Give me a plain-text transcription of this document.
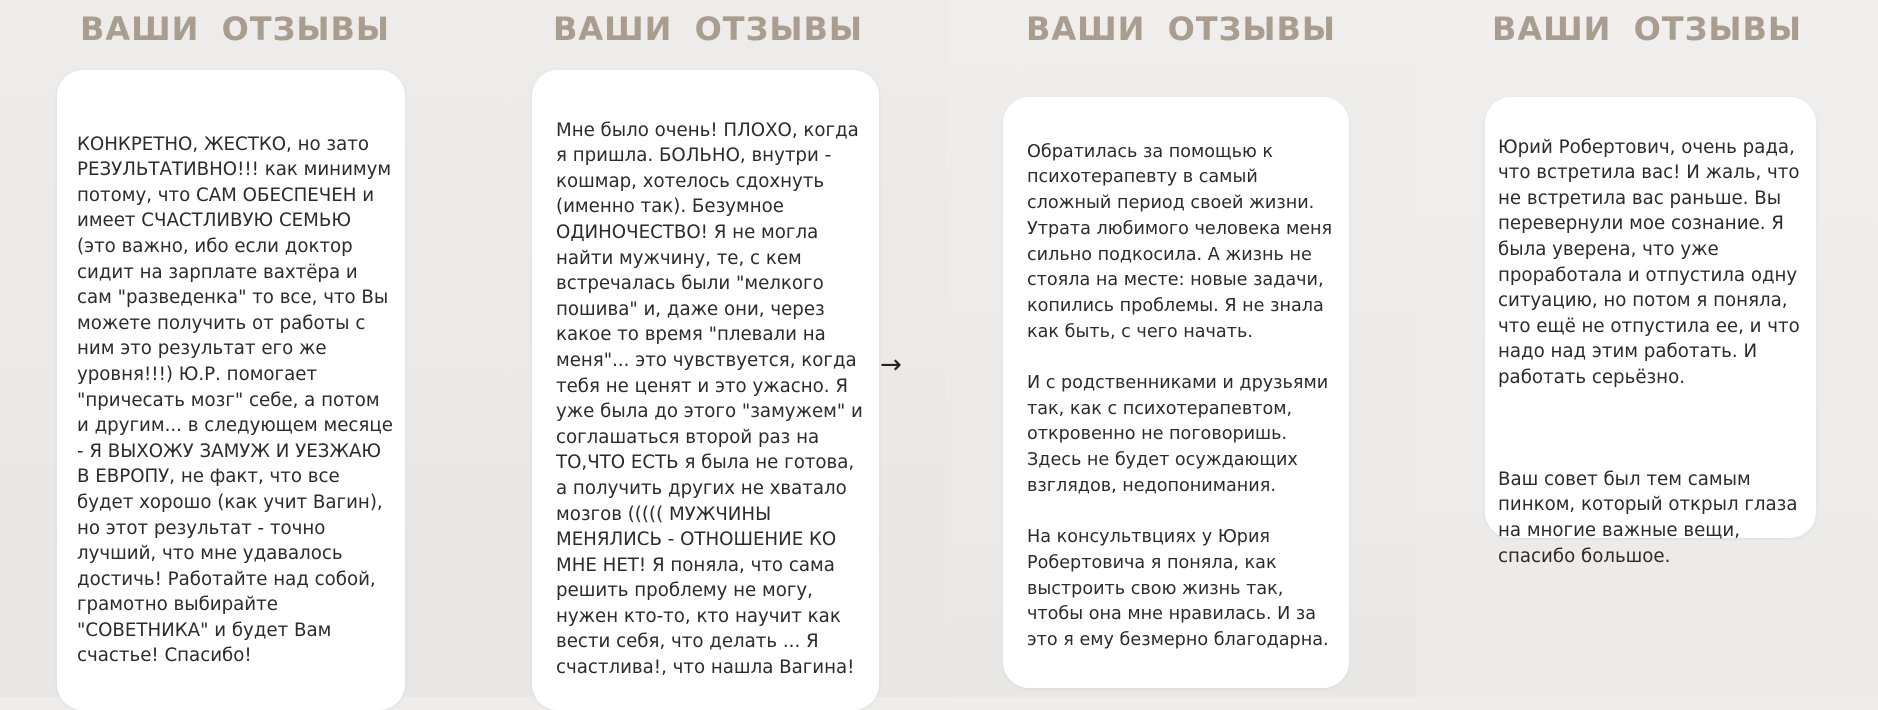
ВАШИ ОТЗЫВЫ

КОНКРЕТНО, ЖЕСТКО, но зато РЕЗУЛЬТАТИВНО!!! как минимум потому, что САМ ОБЕСПЕЧЕН и имеет СЧАСТЛИВУЮ СЕМЬЮ (это важно, ибо если доктор сидит на зарплате вахтёра и сам "разведенка" то все, что Вы можете получить от работы с ним это результат его же уровня!!!) Ю.Р. помогает "причесать мозг" себе, а потом и другим... в следующем месяце - Я ВЫХОЖУ ЗАМУЖ И УЕЗЖАЮ В ЕВРОПУ, не факт, что все будет хорошо (как учит Вагин), но этот результат - точно лучший, что мне удавалось достичь! Работайте над собой, грамотно выбирайте "СОВЕТНИКА" и будет Вам счастье! Спасибо!

ВАШИ ОТЗЫВЫ

Мне было очень! ПЛОХО, когда я пришла. БОЛЬНО, внутри - кошмар, хотелось сдохнуть (именно так). Безумное ОДИНОЧЕСТВО! Я не могла найти мужчину, те, с кем встречалась были "мелкого пошива" и, даже они, через какое то время "плевали на меня"... это чувствуется, когда тебя не ценят и это ужасно. Я уже была до этого "замужем" и соглашаться второй раз на ТО,ЧТО ЕСТЬ я была не готова, а получить других не хватало мозгов ((((( МУЖЧИНЫ МЕНЯЛИСЬ - ОТНОШЕНИЕ КО МНЕ НЕТ! Я поняла, что сама решить проблему не могу, нужен кто-то, кто научит как вести себя, что делать ... Я счастлива!, что нашла Вагина!

→
ВАШИ ОТЗЫВЫ

Обратилась за помощью к психотерапевту в самый сложный период своей жизни. Утрата любимого человека меня сильно подкосила. А жизнь не стояла на месте: новые задачи, копились проблемы. Я не знала как быть, с чего начать.

И с родственниками и друзьями так, как с психотерапевтом, откровенно не поговоришь. Здесь не будет осуждающих взглядов, недопонимания.

На консультвциях у Юрия Робертовича я поняла, как выстроить свою жизнь так, чтобы она мне нравилась. И за это я ему безмерно благодарна.

ВАШИ ОТЗЫВЫ

Юрий Робертович, очень рада, что встретила вас! И жаль, что не встретила вас раньше. Вы перевернули мое сознание. Я была уверена, что уже проработала и отпустила одну ситуацию, но потом я поняла, что ещё не отпустила ее, и что надо над этим работать. И работать серьёзно.

Ваш совет был тем самым пинком, который открыл глаза на многие важные вещи, спасибо большое.
